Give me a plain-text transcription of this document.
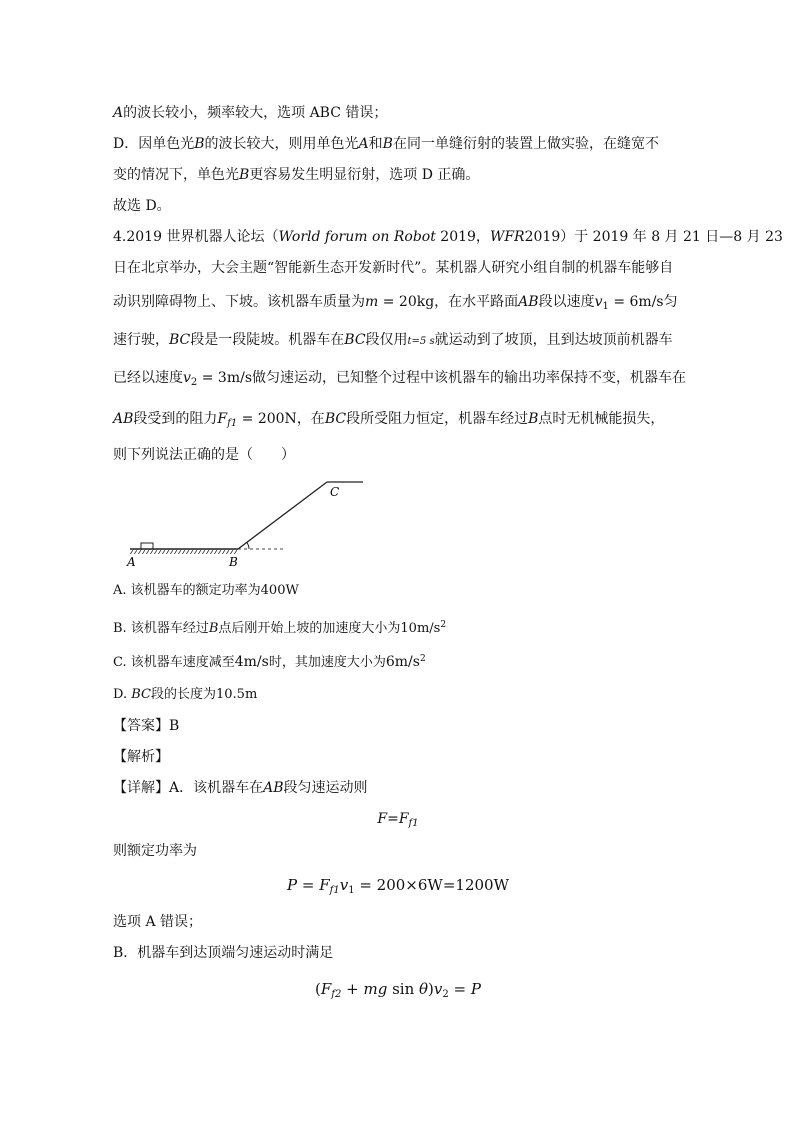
A的波长较小，频率较大，选项 ABC 错误；
D．因单色光B的波长较大，则用单色光A和B在同一单缝衍射的装置上做实验，在缝宽不
变的情况下，单色光B更容易发生明显衍射，选项 D 正确。
故选 D。
4.2019 世界机器人论坛（World forum on Robot 2019，WFR2019）于 2019 年 8 月 21 日—8 月 23
日在北京举办，大会主题“智能新生态开发新时代”。某机器人研究小组自制的机器车能够自
动识别障碍物上、下坡。该机器车质量为m = 20kg，在水平路面AB段以速度$v_1 = 6m/s$匀
速行驶，BC段是一段陡坡。机器车在BC段仅用t=5 s就运动到了坡顶，且到达坡顶前机器车
已经以速度$v_2 = 3m/s$做匀速运动，已知整个过程中该机器车的输出功率保持不变，机器车在
AB段受到的阻力$F_{f1} = 200N$，在BC段所受阻力恒定，机器车经过B点时无机械能损失，
则下列说法正确的是（　　）
A	B
C
A. 该机器车的额定功率为400W
B. 该机器车经过B点后刚开始上坡的加速度大小为$10m/s^2$
C. 该机器车速度减至4m/s时，其加速度大小为$6m/s^2$
D. BC段的长度为10.5m
【答案】B
【解析】
【详解】A．该机器车在AB段匀速运动则
$F=F_{f1}$
则额定功率为
$P = F_{f1}v_1 = 200\times 6W=1200W$
选项 A 错误；
B．机器车到达顶端匀速运动时满足
($F_{f2}$ + mg $\sin \theta)v_2 = P$
